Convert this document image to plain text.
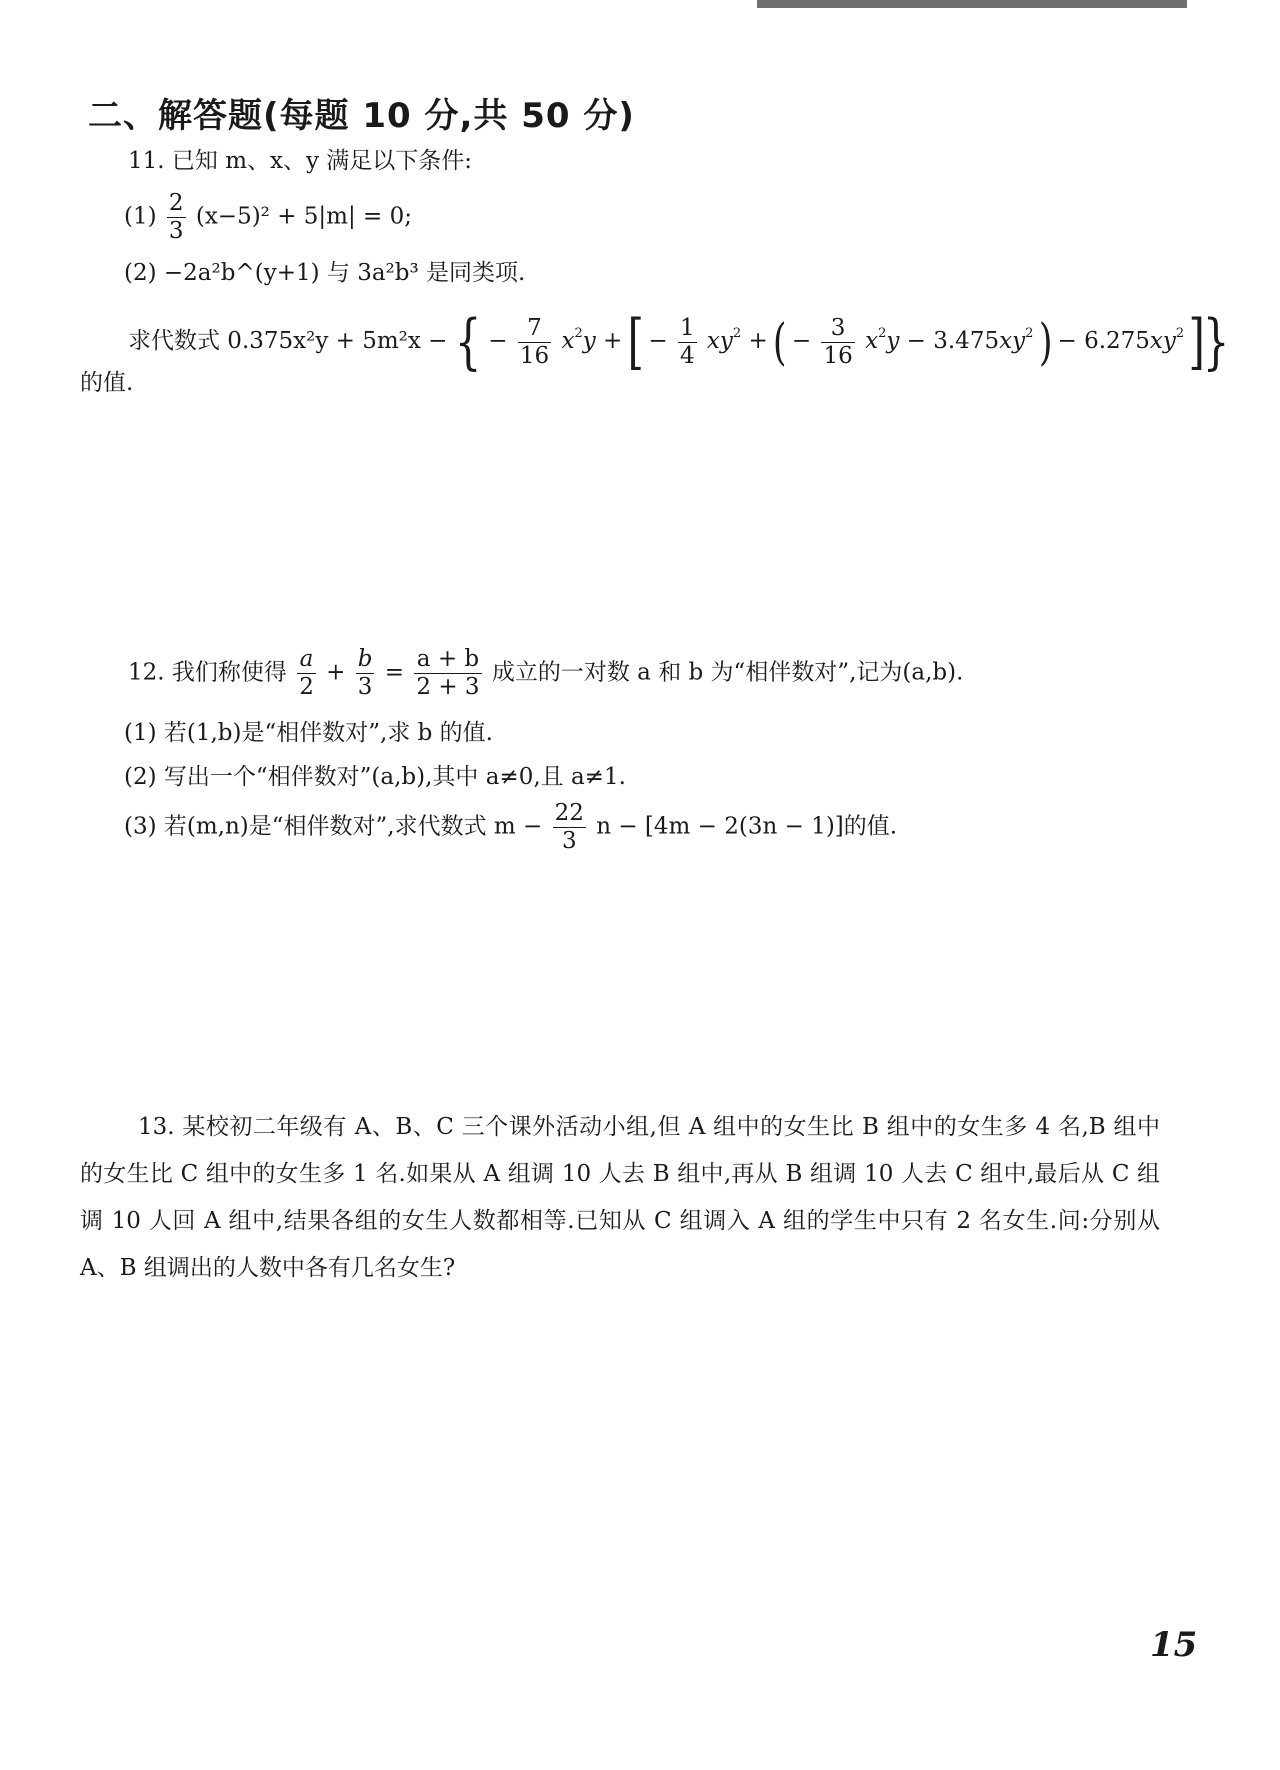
二、解答题(每题 10 分,共 50 分)
11. 已知 m、x、y 满足以下条件:
$(1) \frac{2}{3} (x-5)^2 + 5|m| = 0$;
(2) −2a²b^(y+1) 与 3a²b³ 是同类项.
求代数式 0.375x²y + 5m²x − { − $\frac{7}{16} x^2y$ + [ − $\frac{1}{4} xy^2$ + ( − $\frac{3}{16} x^2y - 3.475xy^2$ ) − $6.275xy^2$ ]}
的值.
12. 我们称使得 $\frac{a}{2} + \frac{b}{3} = \frac{a + b}{2 + 3}$ 成立的一对数 a 和 b 为“相伴数对”,记为(a,b).
(1) 若(1,b)是“相伴数对”,求 b 的值.
(2) 写出一个“相伴数对”(a,b),其中 a≠0,且 a≠1.
(3) 若(m,n)是“相伴数对”,求代数式 $m - \frac{22}{3}$ n − [4m − 2(3n − 1)]的值.
13. 某校初二年级有 A、B、C 三个课外活动小组,但 A 组中的女生比 B 组中的女生多 4 名,B 组中的女生比 C 组中的女生多 1 名.如果从 A 组调 10 人去 B 组中,再从 B 组调 10 人去 C 组中,最后从 C 组调 10 人回 A 组中,结果各组的女生人数都相等.已知从 C 组调入 A 组的学生中只有 2 名女生.问:分别从 A、B 组调出的人数中各有几名女生?
15
